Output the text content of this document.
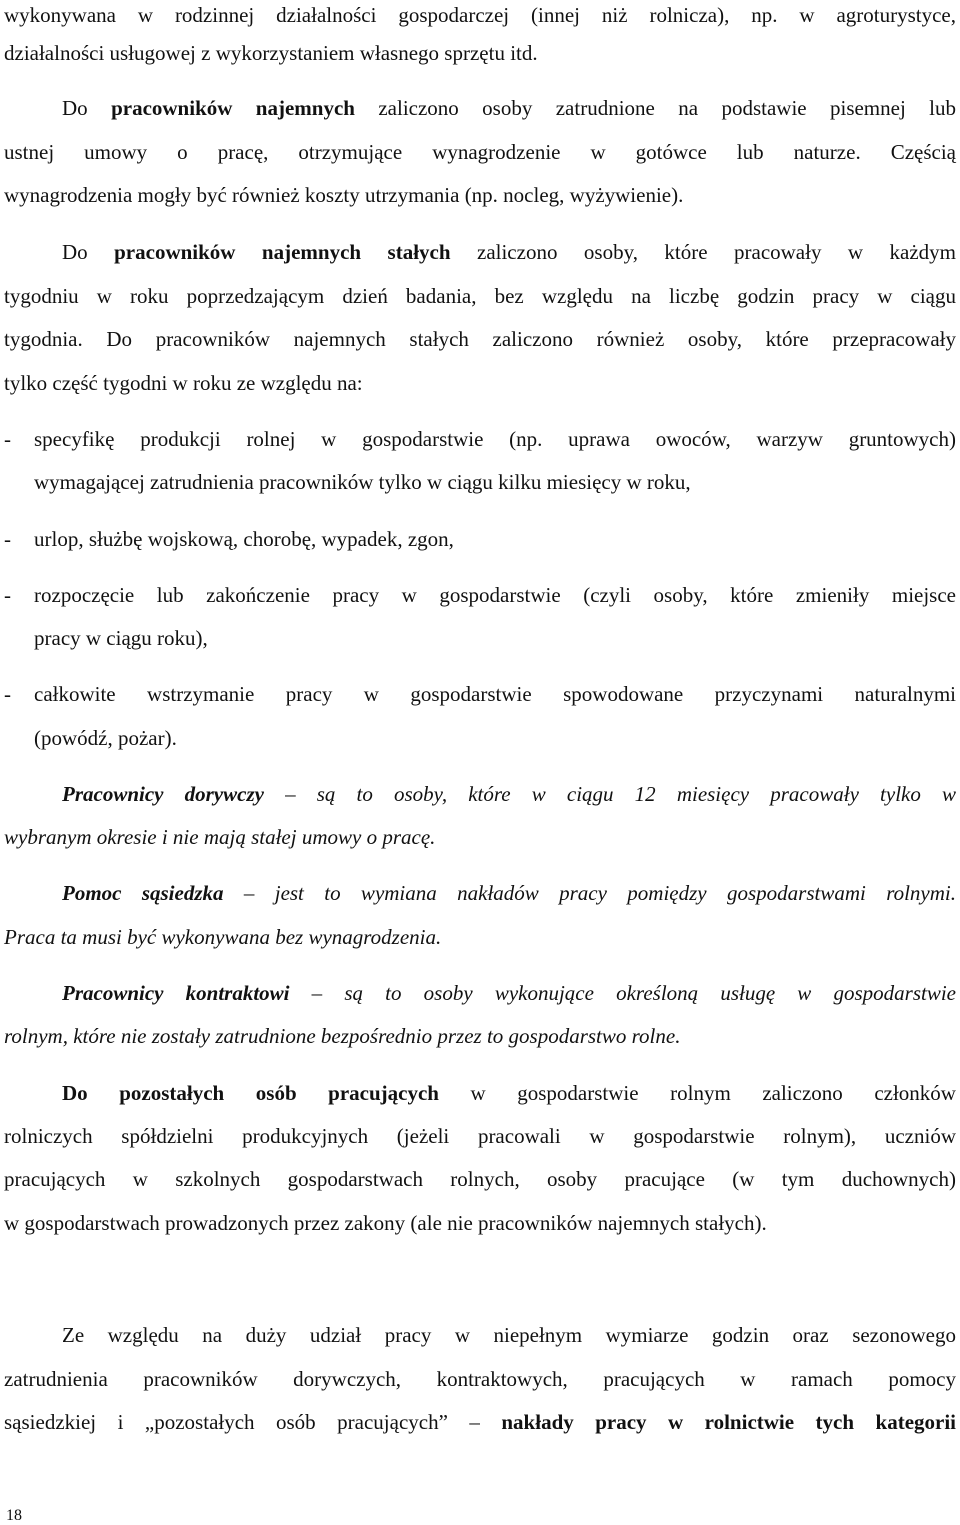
wykonywana w rodzinnej działalności gospodarczej (innej niż rolnicza), np. w agroturystyce,
działalności usługowej z wykorzystaniem własnego sprzętu itd.
Do pracowników najemnych zaliczono osoby zatrudnione na podstawie pisemnej lub
ustnej umowy o pracę, otrzymujące wynagrodzenie w gotówce lub naturze. Częścią
wynagrodzenia mogły być również koszty utrzymania (np. nocleg, wyżywienie).
Do pracowników najemnych stałych zaliczono osoby, które pracowały w każdym
tygodniu w roku poprzedzającym dzień badania, bez względu na liczbę godzin pracy w ciągu
tygodnia. Do pracowników najemnych stałych zaliczono również osoby, które przepracowały
tylko część tygodni w roku ze względu na:
- specyfikę produkcji rolnej w gospodarstwie (np. uprawa owoców, warzyw gruntowych)
wymagającej zatrudnienia pracowników tylko w ciągu kilku miesięcy w roku,
- urlop, służbę wojskową, chorobę, wypadek, zgon,
- rozpoczęcie lub zakończenie pracy w gospodarstwie (czyli osoby, które zmieniły miejsce
pracy w ciągu roku),
- całkowite wstrzymanie pracy w gospodarstwie spowodowane przyczynami naturalnymi
(powódź, pożar).
Pracownicy dorywczy – są to osoby, które w ciągu 12 miesięcy pracowały tylko w
wybranym okresie i nie mają stałej umowy o pracę.
Pomoc sąsiedzka – jest to wymiana nakładów pracy pomiędzy gospodarstwami rolnymi.
Praca ta musi być wykonywana bez wynagrodzenia.
Pracownicy kontraktowi – są to osoby wykonujące określoną usługę w gospodarstwie
rolnym, które nie zostały zatrudnione bezpośrednio przez to gospodarstwo rolne.
Do pozostałych osób pracujących w gospodarstwie rolnym zaliczono członków
rolniczych spółdzielni produkcyjnych (jeżeli pracowali w gospodarstwie rolnym), uczniów
pracujących w szkolnych gospodarstwach rolnych, osoby pracujące (w tym duchownych)
w gospodarstwach prowadzonych przez zakony (ale nie pracowników najemnych stałych).
Ze względu na duży udział pracy w niepełnym wymiarze godzin oraz sezonowego
zatrudnienia pracowników dorywczych, kontraktowych, pracujących w ramach pomocy
sąsiedzkiej i „pozostałych osób pracujących” – nakłady pracy w rolnictwie tych kategorii
18
